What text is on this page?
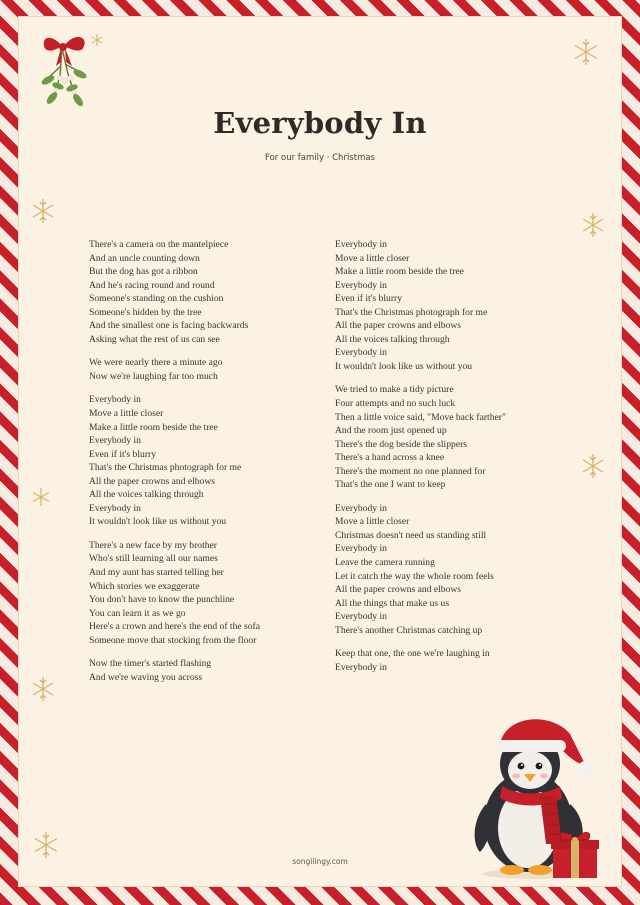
Everybody In
For our family · Christmas
There's a camera on the mantelpiece
And an uncle counting down
But the dog has got a ribbon
And he's racing round and round
Someone's standing on the cushion
Someone's hidden by the tree
And the smallest one is facing backwards
Asking what the rest of us can see
We were nearly there a minute ago
Now we're laughing far too much
Everybody in
Move a little closer
Make a little room beside the tree
Everybody in
Even if it's blurry
That's the Christmas photograph for me
All the paper crowns and elbows
All the voices talking through
Everybody in
It wouldn't look like us without you
There's a new face by my brother
Who's still learning all our names
And my aunt has started telling her
Which stories we exaggerate
You don't have to know the punchline
You can learn it as we go
Here's a crown and here's the end of the sofa
Someone move that stocking from the floor
Now the timer's started flashing
And we're waving you across
Everybody in
Move a little closer
Make a little room beside the tree
Everybody in
Even if it's blurry
That's the Christmas photograph for me
All the paper crowns and elbows
All the voices talking through
Everybody in
It wouldn't look like us without you
We tried to make a tidy picture
Four attempts and no such luck
Then a little voice said, "Move back farther"
And the room just opened up
There's the dog beside the slippers
There's a hand across a knee
There's the moment no one planned for
That's the one I want to keep
Everybody in
Move a little closer
Christmas doesn't need us standing still
Everybody in
Leave the camera running
Let it catch the way the whole room feels
All the paper crowns and elbows
All the things that make us us
Everybody in
There's another Christmas catching up
Keep that one, the one we're laughing in
Everybody in
songilingy.com
